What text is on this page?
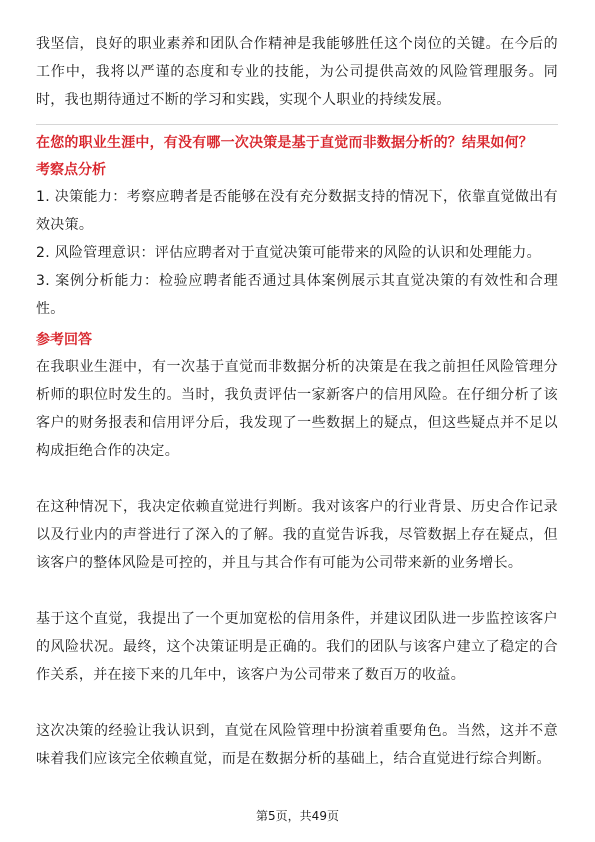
我坚信，良好的职业素养和团队合作精神是我能够胜任这个岗位的关键。在今后的工作中，我将以严谨的态度和专业的技能，为公司提供高效的风险管理服务。同时，我也期待通过不断的学习和实践，实现个人职业的持续发展。

在您的职业生涯中，有没有哪一次决策是基于直觉而非数据分析的？结果如何？

考察点分析

1. 决策能力：考察应聘者是否能够在没有充分数据支持的情况下，依靠直觉做出有效决策。

2. 风险管理意识：评估应聘者对于直觉决策可能带来的风险的认识和处理能力。

3. 案例分析能力：检验应聘者能否通过具体案例展示其直觉决策的有效性和合理性。

参考回答

在我职业生涯中，有一次基于直觉而非数据分析的决策是在我之前担任风险管理分析师的职位时发生的。当时，我负责评估一家新客户的信用风险。在仔细分析了该客户的财务报表和信用评分后，我发现了一些数据上的疑点，但这些疑点并不足以构成拒绝合作的决定。

在这种情况下，我决定依赖直觉进行判断。我对该客户的行业背景、历史合作记录以及行业内的声誉进行了深入的了解。我的直觉告诉我，尽管数据上存在疑点，但该客户的整体风险是可控的，并且与其合作有可能为公司带来新的业务增长。

基于这个直觉，我提出了一个更加宽松的信用条件，并建议团队进一步监控该客户的风险状况。最终，这个决策证明是正确的。我们的团队与该客户建立了稳定的合作关系，并在接下来的几年中，该客户为公司带来了数百万的收益。

这次决策的经验让我认识到，直觉在风险管理中扮演着重要角色。当然，这并不意味着我们应该完全依赖直觉，而是在数据分析的基础上，结合直觉进行综合判断。

第5页，共49页
